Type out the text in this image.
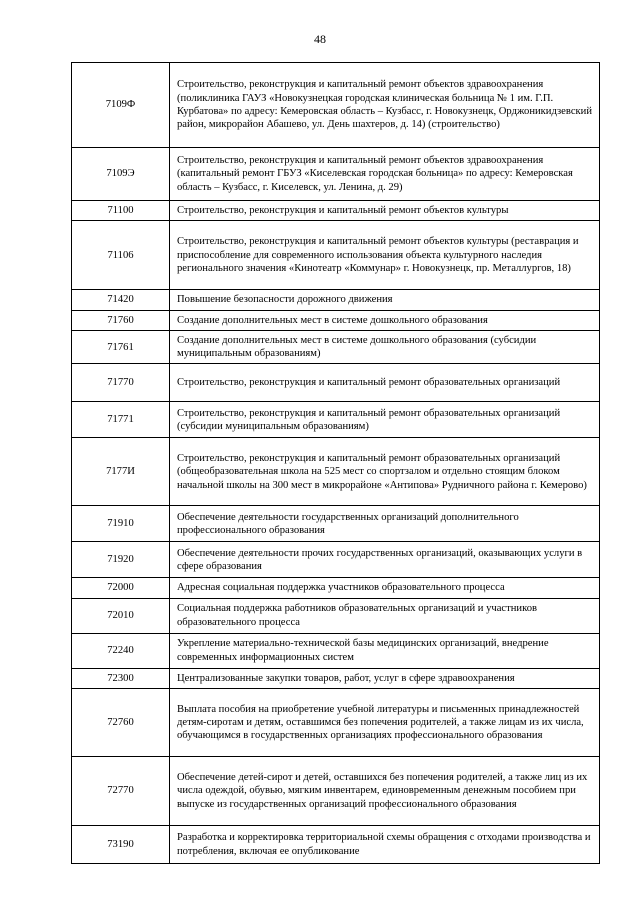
48
7109Ф	Строительство, реконструкция и капитальный ремонт объектов здравоохранения (поликлиника ГАУЗ «Новокузнецкая городская клиническая больница № 1 им. Г.П. Курбатова» по адресу: Кемеровская область – Кузбасс, г. Новокузнецк, Орджоникидзевский район, микрорайон Абашево, ул. День шахтеров, д. 14) (строительство)
7109Э	Строительство, реконструкция и капитальный ремонт объектов здравоохранения (капитальный ремонт ГБУЗ «Киселевская городская больница» по адресу: Кемеровская область – Кузбасс, г. Киселевск, ул. Ленина, д. 29)
71100	Строительство, реконструкция и капитальный ремонт объектов культуры
71106	Строительство, реконструкция и капитальный ремонт объектов культуры (реставрация и приспособление для современного использования объекта культурного наследия регионального значения «Кинотеатр «Коммунар» г. Новокузнецк, пр. Металлургов, 18)
71420	Повышение безопасности дорожного движения
71760	Создание дополнительных мест в системе дошкольного образования
71761	Создание дополнительных мест в системе дошкольного образования (субсидии муниципальным образованиям)
71770	Строительство, реконструкция и капитальный ремонт образовательных организаций
71771	Строительство, реконструкция и капитальный ремонт образовательных организаций (субсидии муниципальным образованиям)
7177И	Строительство, реконструкция и капитальный ремонт образовательных организаций (общеобразовательная школа на 525 мест со спортзалом и отдельно стоящим блоком начальной школы на 300 мест в микрорайоне «Антипова» Рудничного района г. Кемерово)
71910	Обеспечение деятельности государственных организаций дополнительного профессионального образования
71920	Обеспечение деятельности прочих государственных организаций, оказывающих услуги в сфере образования
72000	Адресная социальная поддержка участников образовательного процесса
72010	Социальная поддержка работников образовательных организаций и участников образовательного процесса
72240	Укрепление материально-технической базы медицинских организаций, внедрение современных информационных систем
72300	Централизованные закупки товаров, работ, услуг в сфере здравоохранения
72760	Выплата пособия на приобретение учебной литературы и письменных принадлежностей детям-сиротам и детям, оставшимся без попечения родителей, а также лицам из их числа, обучающимся в государственных организациях профессионального образования
72770	Обеспечение детей-сирот и детей, оставшихся без попечения родителей, а также лиц из их числа одеждой, обувью, мягким инвентарем, единовременным денежным пособием при выпуске из государственных организаций профессионального образования
73190	Разработка и корректировка территориальной схемы обращения с отходами производства и потребления, включая ее опубликование
